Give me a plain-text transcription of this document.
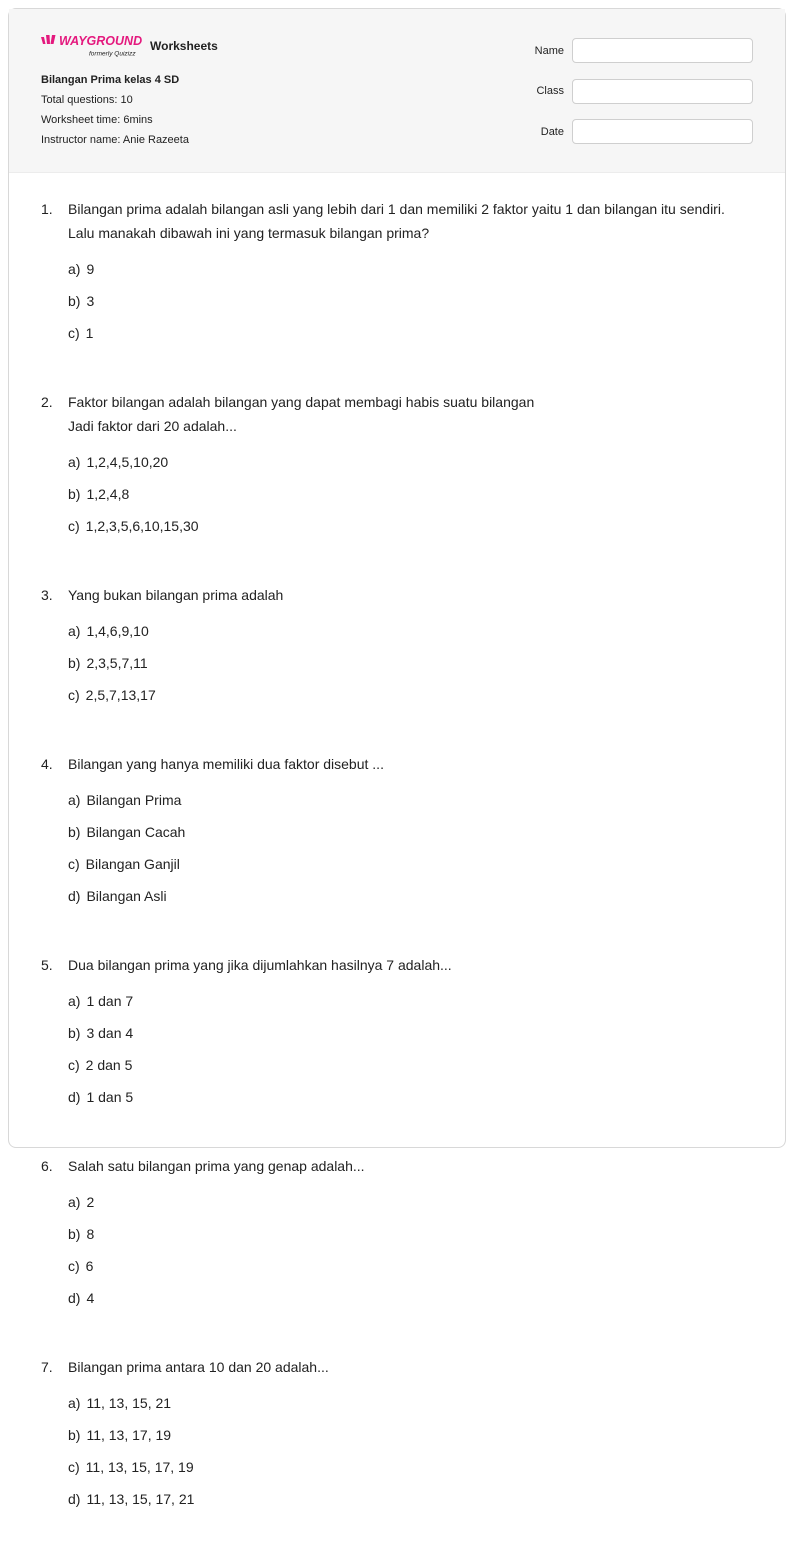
WAYGROUND
formerly Quizizz
Worksheets
Bilangan Prima kelas 4 SD
Total questions: 10
Worksheet time: 6mins
Instructor name: Anie Razeeta
Name
Class
Date
1.	Bilangan prima adalah bilangan asli yang lebih dari 1 dan memiliki 2 faktor yaitu 1 dan bilangan itu sendiri. Lalu manakah dibawah ini yang termasuk bilangan prima?
a) 9
b) 3
c) 1
2.	Faktor bilangan adalah bilangan yang dapat membagi habis suatu bilangan
Jadi faktor dari 20 adalah...
a) 1,2,4,5,10,20
b) 1,2,4,8
c) 1,2,3,5,6,10,15,30
3.	Yang bukan bilangan prima adalah
a) 1,4,6,9,10
b) 2,3,5,7,11
c) 2,5,7,13,17
4.	Bilangan yang hanya memiliki dua faktor disebut ...
a) Bilangan Prima
b) Bilangan Cacah
c) Bilangan Ganjil
d) Bilangan Asli
5.	Dua bilangan prima yang jika dijumlahkan hasilnya 7 adalah...
a) 1 dan 7
b) 3 dan 4
c) 2 dan 5
d) 1 dan 5
6.	Salah satu bilangan prima yang genap adalah...
a) 2
b) 8
c) 6
d) 4
7.	Bilangan prima antara 10 dan 20 adalah...
a) 11, 13, 15, 21
b) 11, 13, 17, 19
c) 11, 13, 15, 17, 19
d) 11, 13, 15, 17, 21
